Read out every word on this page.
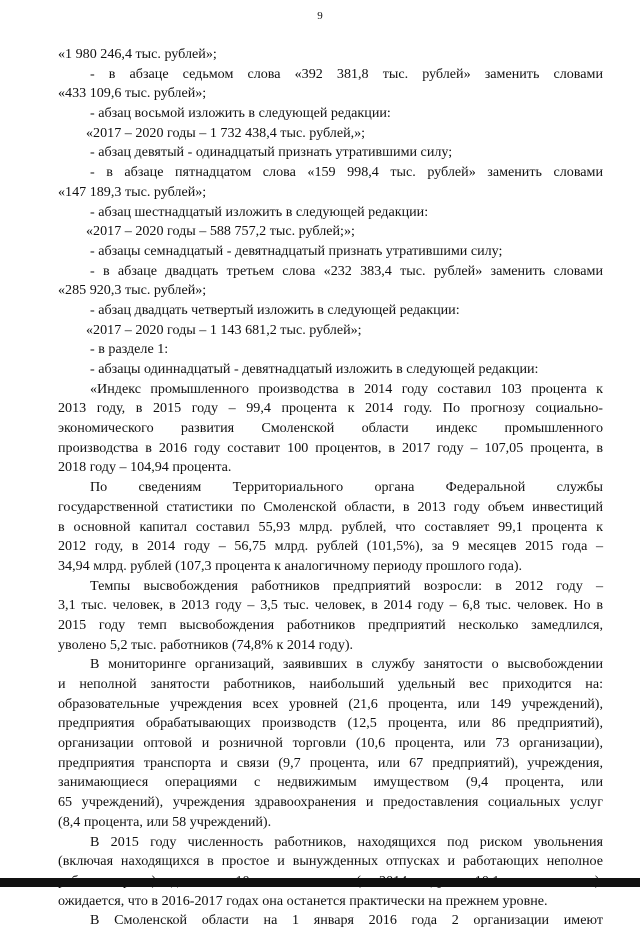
9
«1 980 246,4 тыс. рублей»;
- в абзаце седьмом слова «392 381,8 тыс. рублей» заменить словами
«433 109,6 тыс. рублей»;
- абзац восьмой изложить в следующей редакции:
«2017 – 2020 годы – 1 732 438,4 тыс. рублей,»;
- абзац девятый - одинадцатый признать утратившими силу;
- в абзаце пятнадцатом слова «159 998,4 тыс. рублей» заменить словами
«147 189,3 тыс. рублей»;
- абзац шестнадцатый изложить в следующей редакции:
«2017 – 2020 годы – 588 757,2 тыс. рублей;»;
- абзацы семнадцатый - девятнадцатый признать утратившими силу;
- в абзаце двадцать третьем слова «232 383,4 тыс. рублей» заменить словами
«285 920,3 тыс. рублей»;
- абзац двадцать четвертый изложить в следующей редакции:
«2017 – 2020 годы – 1 143 681,2 тыс. рублей»;
- в разделе 1:
- абзацы одиннадцатый - девятнадцатый изложить в следующей редакции:
«Индекс промышленного производства в 2014 году составил 103 процента к
2013 году, в 2015 году – 99,4 процента к 2014 году. По прогнозу социально-
экономического развития Смоленской области индекс промышленного
производства в 2016 году составит 100 процентов, в 2017 году – 107,05 процента, в
2018 году – 104,94 процента.
По сведениям Территориального органа Федеральной службы
государственной статистики по Смоленской области, в 2013 году объем инвестиций
в основной капитал составил 55,93 млрд. рублей, что составляет 99,1 процента к
2012 году, в 2014 году – 56,75 млрд. рублей (101,5%), за 9 месяцев 2015 года –
34,94 млрд. рублей (107,3 процента к аналогичному периоду прошлого года).
Темпы высвобождения работников предприятий возросли: в 2012 году –
3,1 тыс. человек, в 2013 году – 3,5 тыс. человек, в 2014 году – 6,8 тыс. человек. Но в
2015 году темп высвобождения работников предприятий несколько замедлился,
уволено 5,2 тыс. работников (74,8% к 2014 году).
В мониторинге организаций, заявивших в службу занятости о высвобождении
и неполной занятости работников, наибольший удельный вес приходится на:
образовательные учреждения всех уровней (21,6 процента, или 149 учреждений),
предприятия обрабатывающих производств (12,5 процента, или 86 предприятий),
организации оптовой и розничной торговли (10,6 процента, или 73 организации),
предприятия транспорта и связи (9,7 процента, или 67 предприятий), учреждения,
занимающиеся операциями с недвижимым имуществом (9,4 процента, или
65 учреждений), учреждения здравоохранения и предоставления социальных услуг
(8,4 процента, или 58 учреждений).
В 2015 году численность работников, находящихся под риском увольнения
(включая находящихся в простое и вынужденных отпусках и работающих неполное
ожидается, что в 2016-2017 годах она останется практически на прежнем уровне.
В Смоленской области на 1 января 2016 года 2 организации имеют
